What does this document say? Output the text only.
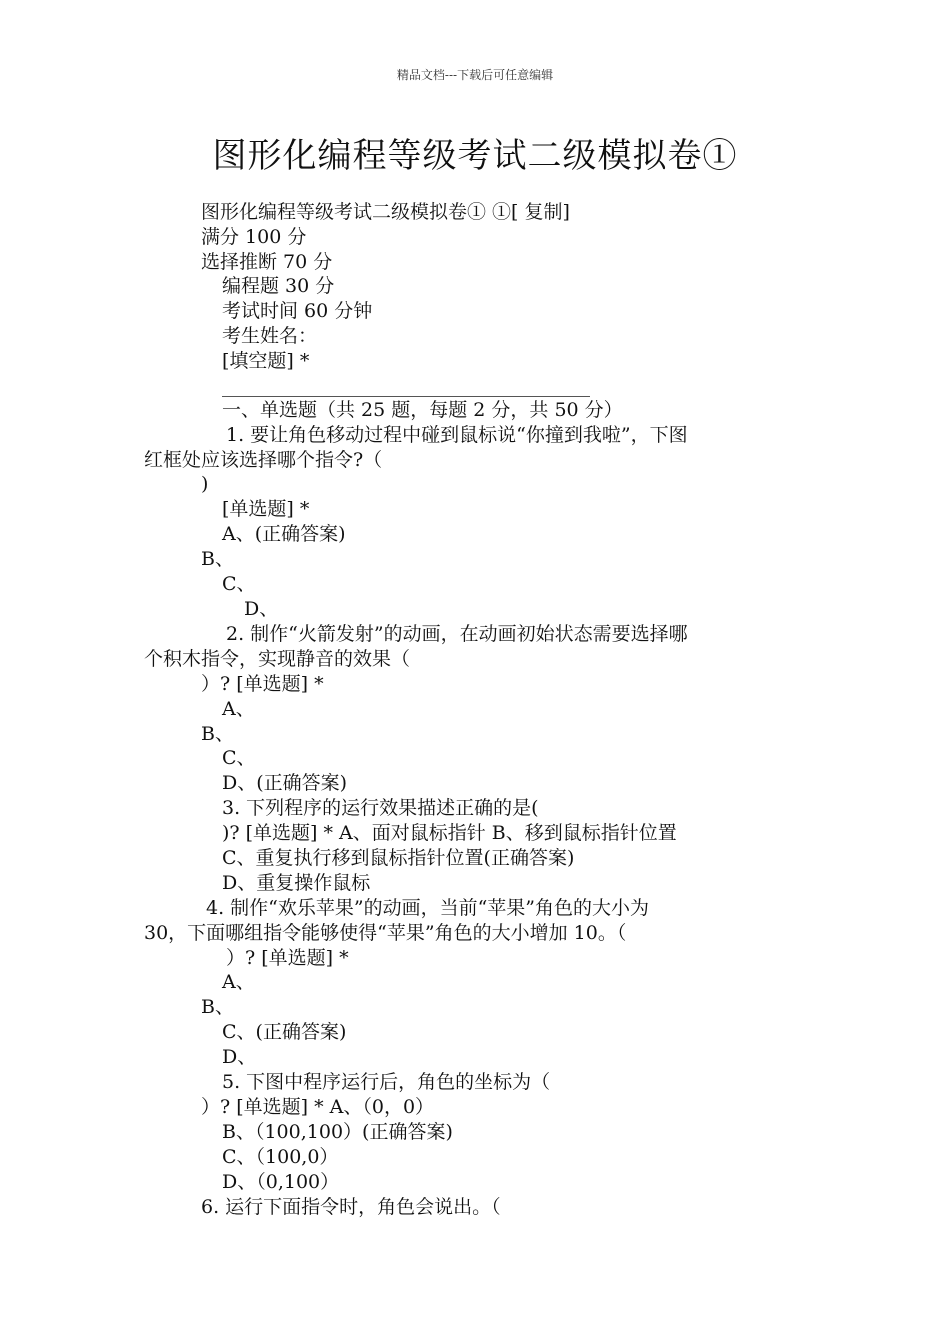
精品文档---下载后可任意编辑
图形化编程等级考试二级模拟卷①
图形化编程等级考试二级模拟卷① ①[ 复制]
满分 100 分
选择推断 70 分
编程题 30 分
考试时间 60 分钟
考生姓名：
[填空题] *
一、单选题（共 25 题，每题 2 分，共 50 分）
1. 要让角色移动过程中碰到鼠标说“你撞到我啦”，下图
红框处应该选择哪个指令?（
)
[单选题] *
A、(正确答案)
B、
C、
D、
2. 制作“火箭发射”的动画，在动画初始状态需要选择哪
个积木指令，实现静音的效果（
）? [单选题] *
A、
B、
C、
D、(正确答案)
3. 下列程序的运行效果描述正确的是(
)? [单选题] * A、面对鼠标指针 B、移到鼠标指针位置
C、重复执行移到鼠标指针位置(正确答案)
D、重复操作鼠标
4. 制作“欢乐苹果”的动画，当前“苹果”角色的大小为
30，下面哪组指令能够使得“苹果”角色的大小增加 10。（
）? [单选题] *
A、
B、
C、(正确答案)
D、
5. 下图中程序运行后，角色的坐标为（
）? [单选题] * A、（0，0）
B、（100,100）(正确答案)
C、（100,0）
D、（0,100）
6. 运行下面指令时，角色会说出。（
